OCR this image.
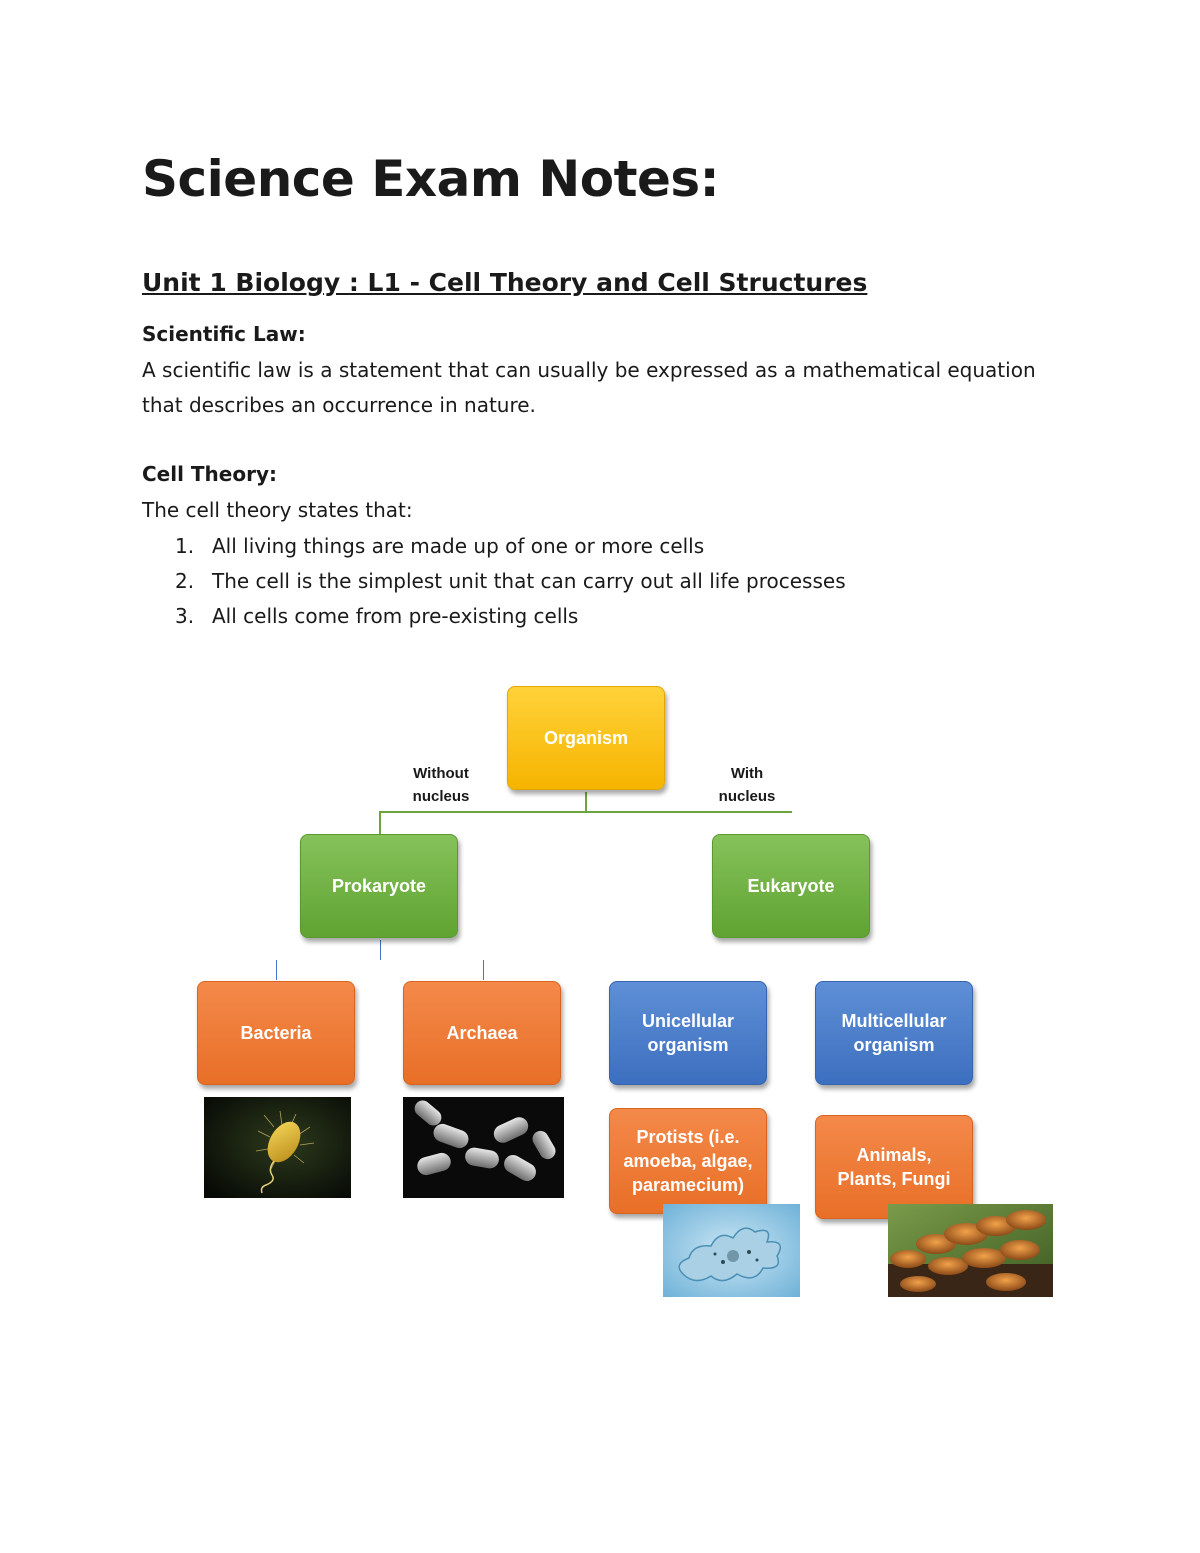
Science Exam Notes:
Unit 1 Biology : L1 - Cell Theory and Cell Structures
Scientific Law:

A scientific law is a statement that can usually be expressed as a mathematical equation
that describes an occurrence in nature.

Cell Theory:

The cell theory states that:

1. All living things are made up of one or more cells
2. The cell is the simplest unit that can carry out all life processes
3. All cells come from pre-existing cells
Without
nucleus
With
nucleus
Organism
Prokaryote	Eukaryote
Bacteria	Archaea
Unicellular
organism
Multicellular
organism
Protists (i.e.
amoeba, algae,
paramecium)
Animals,
Plants, Fungi
